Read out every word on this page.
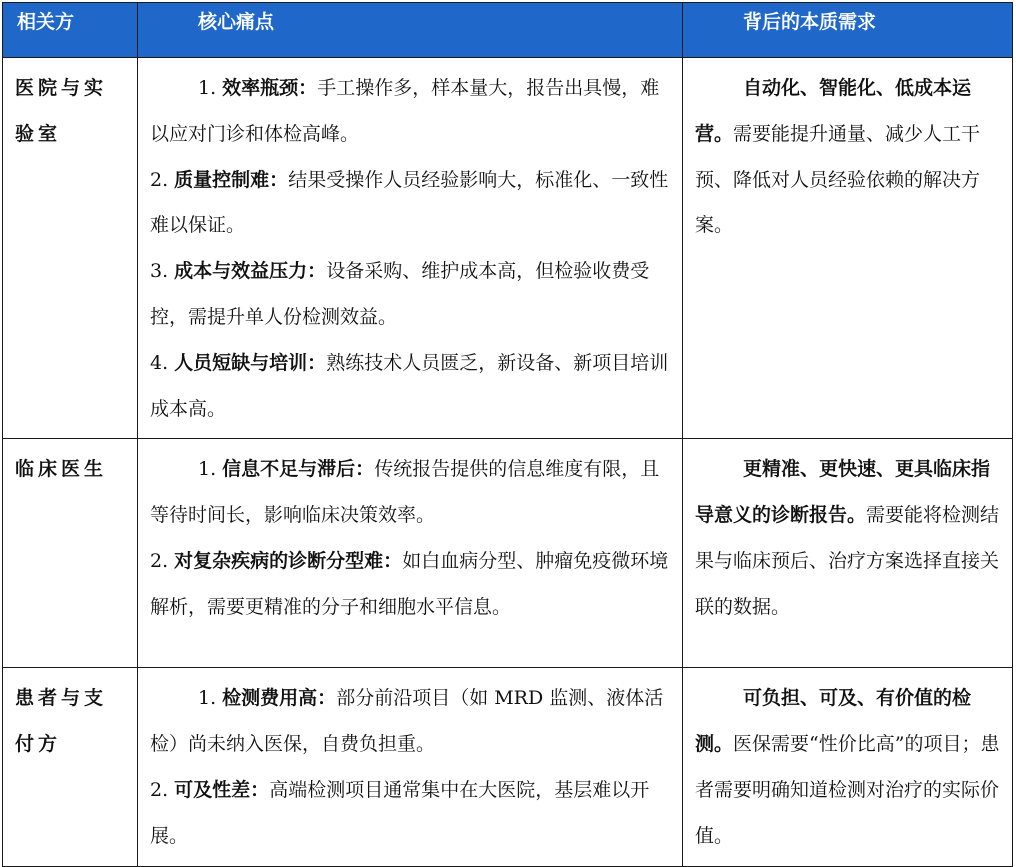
相关方	核心痛点	背后的本质需求
医院与实验室	1. 效率瓶颈：手工操作多，样本量大，报告出具慢，难以应对门诊和体检高峰。

2. 质量控制难：结果受操作人员经验影响大，标准化、一致性难以保证。

3. 成本与效益压力：设备采购、维护成本高，但检验收费受控，需提升单人份检测效益。

4. 人员短缺与培训：熟练技术人员匮乏，新设备、新项目培训成本高。	自动化、智能化、低成本运营。需要能提升通量、减少人工干预、降低对人员经验依赖的解决方案。

临床医生	1. 信息不足与滞后：传统报告提供的信息维度有限，且等待时间长，影响临床决策效率。

2. 对复杂疾病的诊断分型难：如白血病分型、肿瘤免疫微环境解析，需要更精准的分子和细胞水平信息。	更精准、更快速、更具临床指导意义的诊断报告。需要能将检测结果与临床预后、治疗方案选择直接关联的数据。

患者与支付方	1. 检测费用高：部分前沿项目（如 MRD 监测、液体活检）尚未纳入医保，自费负担重。

2. 可及性差：高端检测项目通常集中在大医院，基层难以开展。	可负担、可及、有价值的检测。医保需要“性价比高”的项目；患者需要明确知道检测对治疗的实际价值。
